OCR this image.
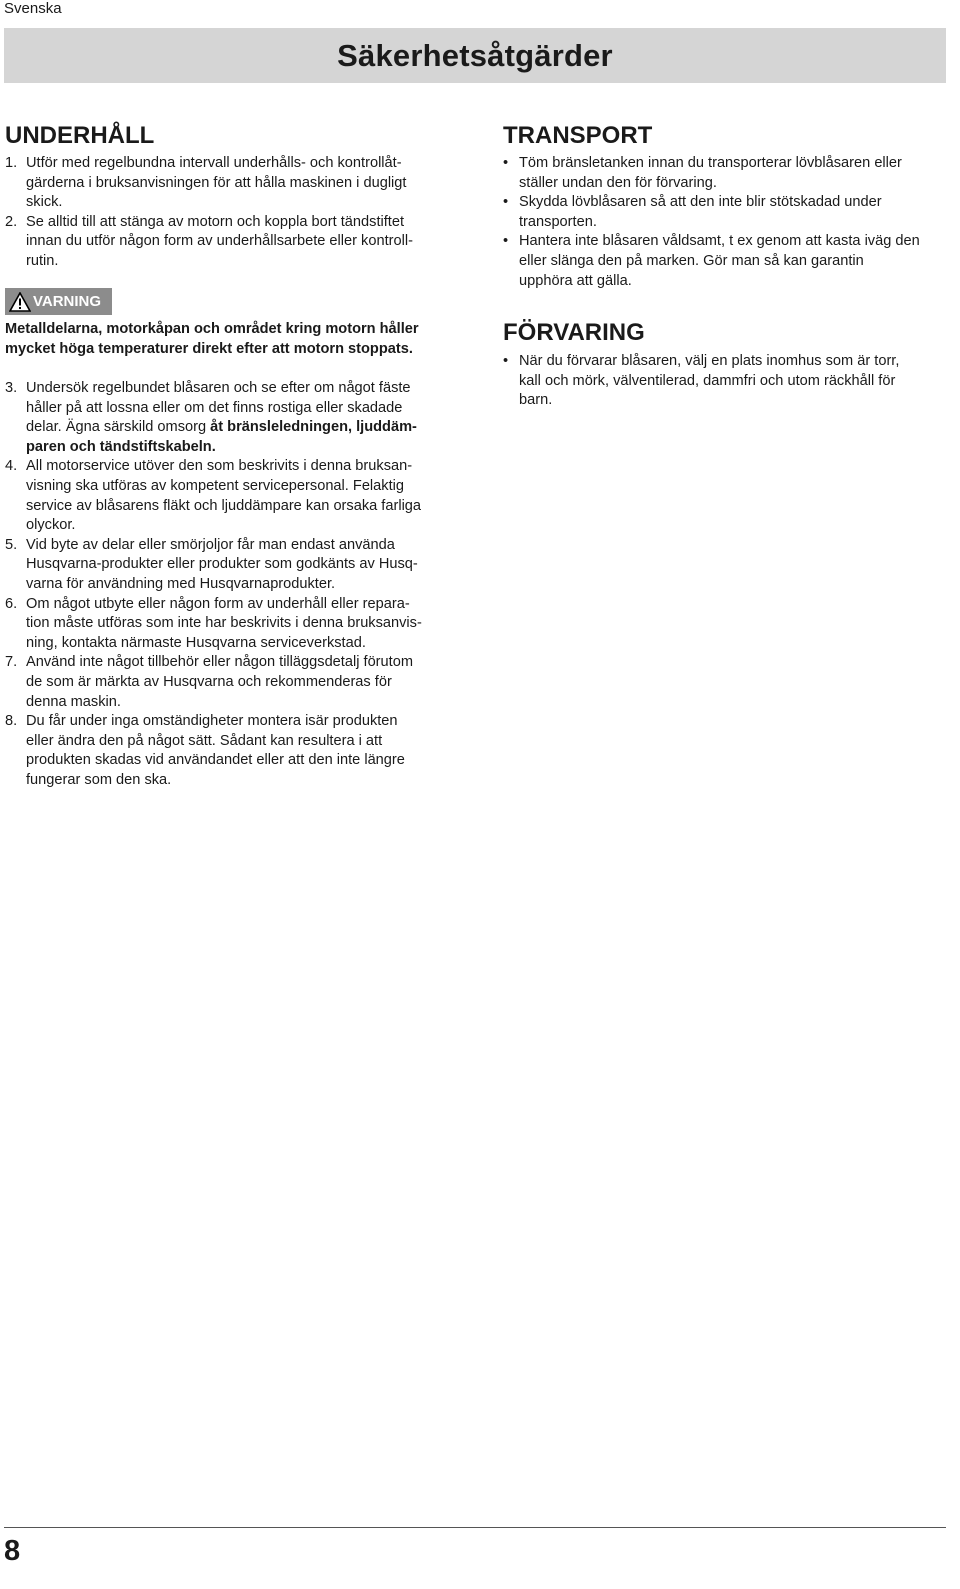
Svenska
Säkerhetsåtgärder
UNDERHÅLL
1. Utför med regelbundna intervall underhålls- och kontrollåt-
gärderna i bruksanvisningen för att hålla maskinen i dugligt
skick.
2. Se alltid till att stänga av motorn och koppla bort tändstiftet
innan du utför någon form av underhållsarbete eller kontroll-
rutin.
VARNING
Metalldelarna, motorkåpan och området kring motorn håller
mycket höga temperaturer direkt efter att motorn stoppats.
3. Undersök regelbundet blåsaren och se efter om något fäste
håller på att lossna eller om det finns rostiga eller skadade
delar. Ägna särskild omsorg åt bränsleledningen, ljuddäm-
paren och tändstiftskabeln.
4. All motorservice utöver den som beskrivits i denna bruksan-
visning ska utföras av kompetent servicepersonal. Felaktig
service av blåsarens fläkt och ljuddämpare kan orsaka farliga
olyckor.
5. Vid byte av delar eller smörjoljor får man endast använda
Husqvarna-produkter eller produkter som godkänts av Husq-
varna för användning med Husqvarnaprodukter.
6. Om något utbyte eller någon form av underhåll eller repara-
tion måste utföras som inte har beskrivits i denna bruksanvis-
ning, kontakta närmaste Husqvarna serviceverkstad.
7. Använd inte något tillbehör eller någon tilläggsdetalj förutom
de som är märkta av Husqvarna och rekommenderas för
denna maskin.
8. Du får under inga omständigheter montera isär produkten
eller ändra den på något sätt. Sådant kan resultera i att
produkten skadas vid användandet eller att den inte längre
fungerar som den ska.
TRANSPORT
• Töm bränsletanken innan du transporterar lövblåsaren eller
ställer undan den för förvaring.
• Skydda lövblåsaren så att den inte blir stötskadad under
transporten.
• Hantera inte blåsaren våldsamt, t ex genom att kasta iväg den
eller slänga den på marken. Gör man så kan garantin
upphöra att gälla.
FÖRVARING
• När du förvarar blåsaren, välj en plats inomhus som är torr,
kall och mörk, välventilerad, dammfri och utom räckhåll för
barn.
8
